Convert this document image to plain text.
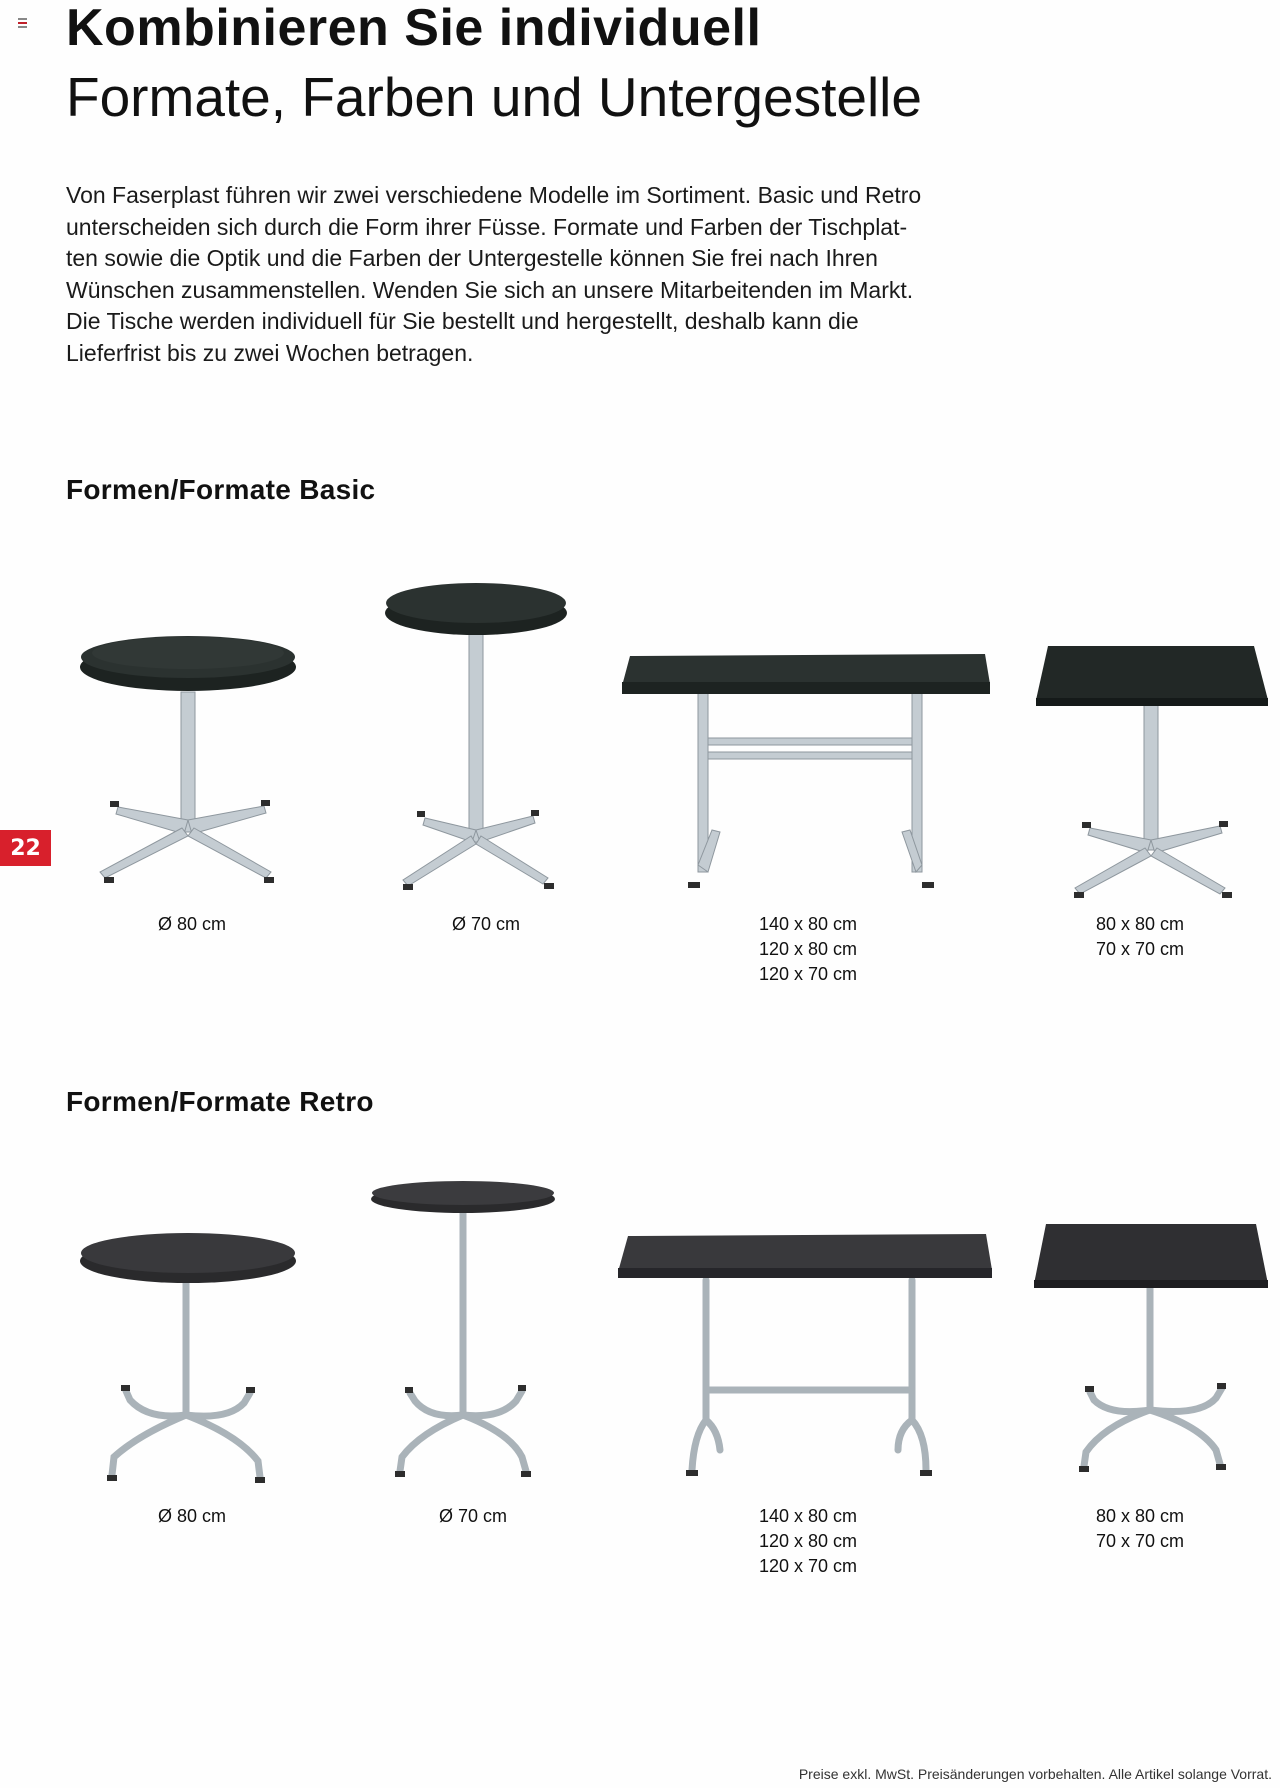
Kombinieren Sie individuell
Formate, Farben und Untergestelle

Von Faserplast führen wir zwei verschiedene Modelle im Sortiment. Basic und Retro
unterscheiden sich durch die Form ihrer Füsse. Formate und Farben der Tischplat-
ten sowie die Optik und die Farben der Untergestelle können Sie frei nach Ihren
Wünschen zusammenstellen. Wenden Sie sich an unsere Mitarbeitenden im Markt.
Die Tische werden individuell für Sie bestellt und hergestellt, deshalb kann die
Lieferfrist bis zu zwei Wochen betragen.

Formen/Formate Basic
22
Ø 80 cm	Ø 70 cm	140 x 80 cm
120 x 80 cm
120 x 70 cm
80 x 80 cm
70 x 70 cm
Formen/Formate Retro
Ø 80 cm	Ø 70 cm	140 x 80 cm
120 x 80 cm
120 x 70 cm
80 x 80 cm
70 x 70 cm
Preise exkl. MwSt. Preisänderungen vorbehalten. Alle Artikel solange Vorrat.
